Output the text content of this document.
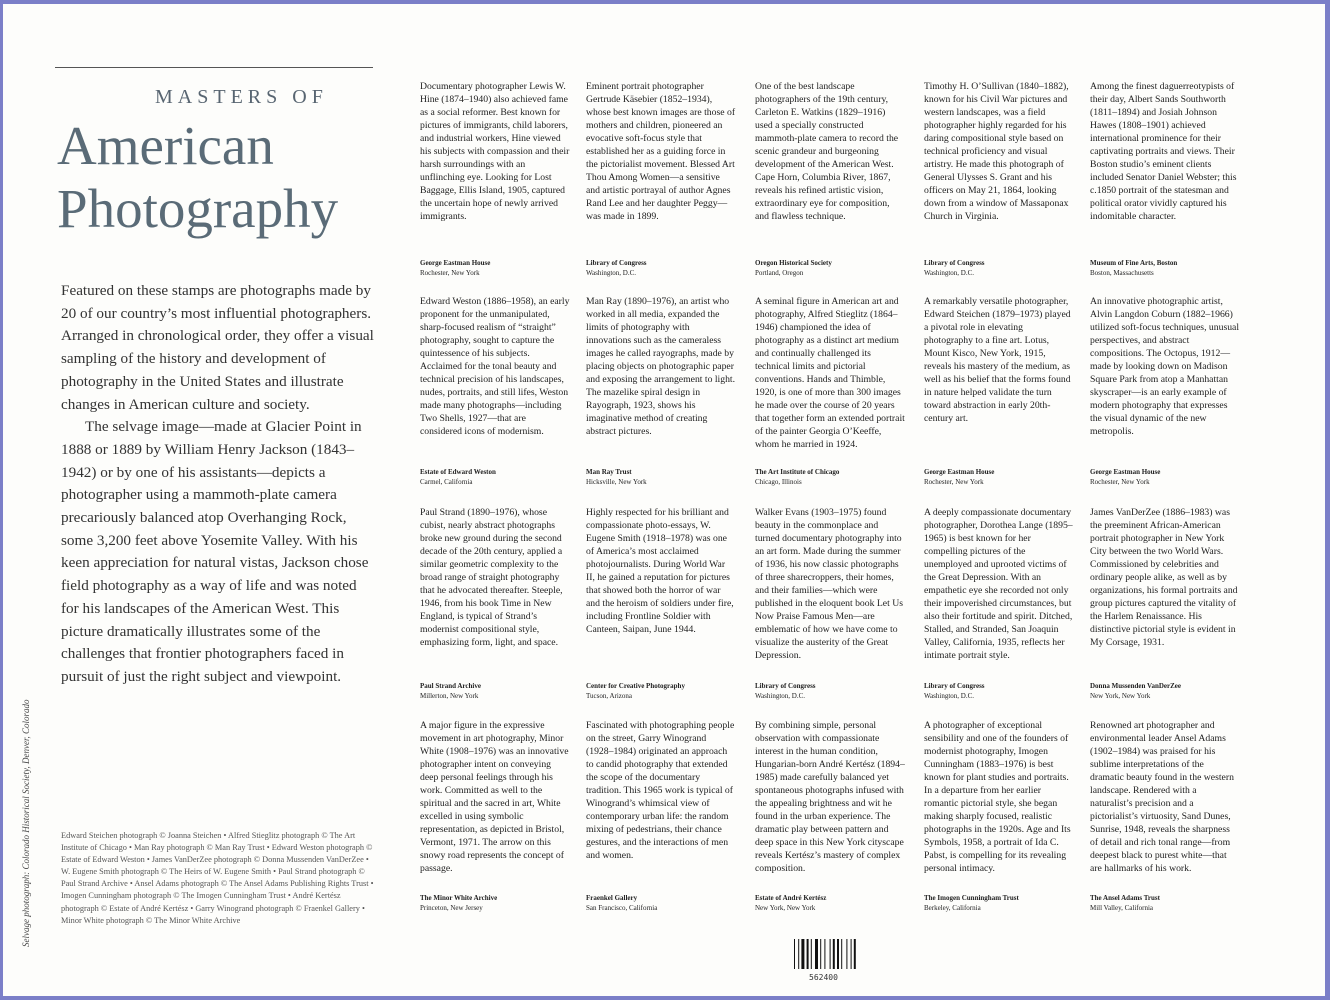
MASTERS OF
American
Photography

Featured on these stamps are photographs made by 20 of our country’s most influential photographers. Arranged in chronological order, they offer a visual sampling of the history and development of photography in the United States and illustrate changes in American culture and society.

The selvage image—made at Glacier Point in 1888 or 1889 by William Henry Jackson (1843–1942) or by one of his assistants—depicts a photographer using a mammoth-plate camera precariously balanced atop Overhanging Rock, some 3,200 feet above Yosemite Valley. With his keen appreciation for natural vistas, Jackson chose field photography as a way of life and was noted for his landscapes of the American West. This picture dramatically illustrates some of the challenges that frontier photographers faced in pursuit of just the right subject and viewpoint.

Edward Steichen photograph © Joanna Steichen • Alfred Stieglitz photograph © The Art Institute of Chicago • Man Ray photograph © Man Ray Trust • Edward Weston photograph © Estate of Edward Weston • James VanDerZee photograph © Donna Mussenden VanDerZee • W. Eugene Smith photograph © The Heirs of W. Eugene Smith • Paul Strand photograph © Paul Strand Archive • Ansel Adams photograph © The Ansel Adams Publishing Rights Trust • Imogen Cunningham photograph © The Imogen Cunningham Trust • André Kertész photograph © Estate of André Kertész • Garry Winogrand photograph © Fraenkel Gallery • Minor White photograph © The Minor White Archive
Selvage photograph: Colorado Historical Society, Denver, Colorado
Documentary photographer Lewis W. Hine (1874–1940) also achieved fame as a social reformer. Best known for pictures of immigrants, child laborers, and industrial workers, Hine viewed his subjects with compassion and their harsh surroundings with an unflinching eye. Looking for Lost Baggage, Ellis Island, 1905, captured the uncertain hope of newly arrived immigrants.
George Eastman House
Rochester, New York
Eminent portrait photographer Gertrude Käsebier (1852–1934), whose best known images are those of mothers and children, pioneered an evocative soft-focus style that established her as a guiding force in the pictorialist movement. Blessed Art Thou Among Women—a sensitive and artistic portrayal of author Agnes Rand Lee and her daughter Peggy—was made in 1899.
Library of Congress
Washington, D.C.
One of the best landscape photographers of the 19th century, Carleton E. Watkins (1829–1916) used a specially constructed mammoth-plate camera to record the scenic grandeur and burgeoning development of the American West. Cape Horn, Columbia River, 1867, reveals his refined artistic vision, extraordinary eye for composition, and flawless technique.
Oregon Historical Society
Portland, Oregon
Timothy H. O’Sullivan (1840–1882), known for his Civil War pictures and western landscapes, was a field photographer highly regarded for his daring compositional style based on technical proficiency and visual artistry. He made this photograph of General Ulysses S. Grant and his officers on May 21, 1864, looking down from a window of Massaponax Church in Virginia.
Library of Congress
Washington, D.C.
Among the finest daguerreotypists of their day, Albert Sands Southworth (1811–1894) and Josiah Johnson Hawes (1808–1901) achieved international prominence for their captivating portraits and views. Their Boston studio’s eminent clients included Senator Daniel Webster; this c.1850 portrait of the statesman and political orator vividly captured his indomitable character.
Museum of Fine Arts, Boston
Boston, Massachusetts
Edward Weston (1886–1958), an early proponent for the unmanipulated, sharp-focused realism of “straight” photography, sought to capture the quintessence of his subjects. Acclaimed for the tonal beauty and technical precision of his landscapes, nudes, portraits, and still lifes, Weston made many photographs—including Two Shells, 1927—that are considered icons of modernism.
Estate of Edward Weston
Carmel, California
Man Ray (1890–1976), an artist who worked in all media, expanded the limits of photography with innovations such as the cameraless images he called rayographs, made by placing objects on photographic paper and exposing the arrangement to light. The mazelike spiral design in Rayograph, 1923, shows his imaginative method of creating abstract pictures.
Man Ray Trust
Hicksville, New York
A seminal figure in American art and photography, Alfred Stieglitz (1864–1946) championed the idea of photography as a distinct art medium and continually challenged its technical limits and pictorial conventions. Hands and Thimble, 1920, is one of more than 300 images he made over the course of 20 years that together form an extended portrait of the painter Georgia O’Keeffe, whom he married in 1924.
The Art Institute of Chicago
Chicago, Illinois
A remarkably versatile photographer, Edward Steichen (1879–1973) played a pivotal role in elevating photography to a fine art. Lotus, Mount Kisco, New York, 1915, reveals his mastery of the medium, as well as his belief that the forms found in nature helped validate the turn toward abstraction in early 20th-century art.
George Eastman House
Rochester, New York
An innovative photographic artist, Alvin Langdon Coburn (1882–1966) utilized soft-focus techniques, unusual perspectives, and abstract compositions. The Octopus, 1912—made by looking down on Madison Square Park from atop a Manhattan skyscraper—is an early example of modern photography that expresses the visual dynamic of the new metropolis.
George Eastman House
Rochester, New York
Paul Strand (1890–1976), whose cubist, nearly abstract photographs broke new ground during the second decade of the 20th century, applied a similar geometric complexity to the broad range of straight photography that he advocated thereafter. Steeple, 1946, from his book Time in New England, is typical of Strand’s modernist compositional style, emphasizing form, light, and space.
Paul Strand Archive
Millerton, New York
Highly respected for his brilliant and compassionate photo-essays, W. Eugene Smith (1918–1978) was one of America’s most acclaimed photojournalists. During World War II, he gained a reputation for pictures that showed both the horror of war and the heroism of soldiers under fire, including Frontline Soldier with Canteen, Saipan, June 1944.
Center for Creative Photography
Tucson, Arizona
Walker Evans (1903–1975) found beauty in the commonplace and turned documentary photography into an art form. Made during the summer of 1936, his now classic photographs of three sharecroppers, their homes, and their families—which were published in the eloquent book Let Us Now Praise Famous Men—are emblematic of how we have come to visualize the austerity of the Great Depression.
Library of Congress
Washington, D.C.
A deeply compassionate documentary photographer, Dorothea Lange (1895–1965) is best known for her compelling pictures of the unemployed and uprooted victims of the Great Depression. With an empathetic eye she recorded not only their impoverished circumstances, but also their fortitude and spirit. Ditched, Stalled, and Stranded, San Joaquin Valley, California, 1935, reflects her intimate portrait style.
Library of Congress
Washington, D.C.
James VanDerZee (1886–1983) was the preeminent African-American portrait photographer in New York City between the two World Wars. Commissioned by celebrities and ordinary people alike, as well as by organizations, his formal portraits and group pictures captured the vitality of the Harlem Renaissance. His distinctive pictorial style is evident in My Corsage, 1931.
Donna Mussenden VanDerZee
New York, New York
A major figure in the expressive movement in art photography, Minor White (1908–1976) was an innovative photographer intent on conveying deep personal feelings through his work. Committed as well to the spiritual and the sacred in art, White excelled in using symbolic representation, as depicted in Bristol, Vermont, 1971. The arrow on this snowy road represents the concept of passage.
The Minor White Archive
Princeton, New Jersey
Fascinated with photographing people on the street, Garry Winogrand (1928–1984) originated an approach to candid photography that extended the scope of the documentary tradition. This 1965 work is typical of Winogrand’s whimsical view of contemporary urban life: the random mixing of pedestrians, their chance gestures, and the interactions of men and women.
Fraenkel Gallery
San Francisco, California
By combining simple, personal observation with compassionate interest in the human condition, Hungarian-born André Kertész (1894–1985) made carefully balanced yet spontaneous photographs infused with the appealing brightness and wit he found in the urban experience. The dramatic play between pattern and deep space in this New York cityscape reveals Kertész’s mastery of complex composition.
Estate of André Kertész
New York, New York
A photographer of exceptional sensibility and one of the founders of modernist photography, Imogen Cunningham (1883–1976) is best known for plant studies and portraits. In a departure from her earlier romantic pictorial style, she began making sharply focused, realistic photographs in the 1920s. Age and Its Symbols, 1958, a portrait of Ida C. Pabst, is compelling for its revealing personal intimacy.
The Imogen Cunningham Trust
Berkeley, California
Renowned art photographer and environmental leader Ansel Adams (1902–1984) was praised for his sublime interpretations of the dramatic beauty found in the western landscape. Rendered with a naturalist’s precision and a pictorialist’s virtuosity, Sand Dunes, Sunrise, 1948, reveals the sharpness of detail and rich tonal range—from deepest black to purest white—that are hallmarks of his work.
The Ansel Adams Trust
Mill Valley, California
562400
